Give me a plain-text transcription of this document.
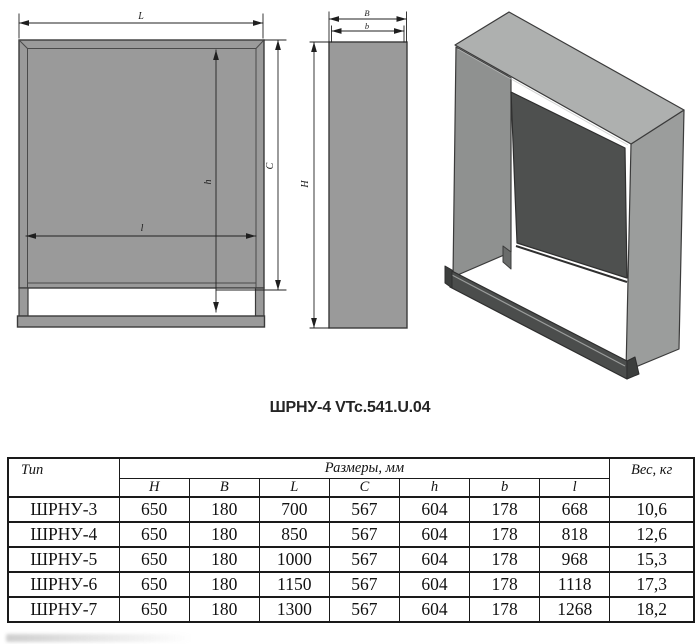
L
C
h
l
B
b
H
ШРНУ-4 VTc.541.U.04
Тип	Размеры, мм							Вес, кг
	H	B	L	C	h	b	l	
ШРНУ-3	650	180	700	567	604	178	668	10,6
ШРНУ-4	650	180	850	567	604	178	818	12,6
ШРНУ-5	650	180	1000	567	604	178	968	15,3
ШРНУ-6	650	180	1150	567	604	178	1118	17,3
ШРНУ-7	650	180	1300	567	604	178	1268	18,2
